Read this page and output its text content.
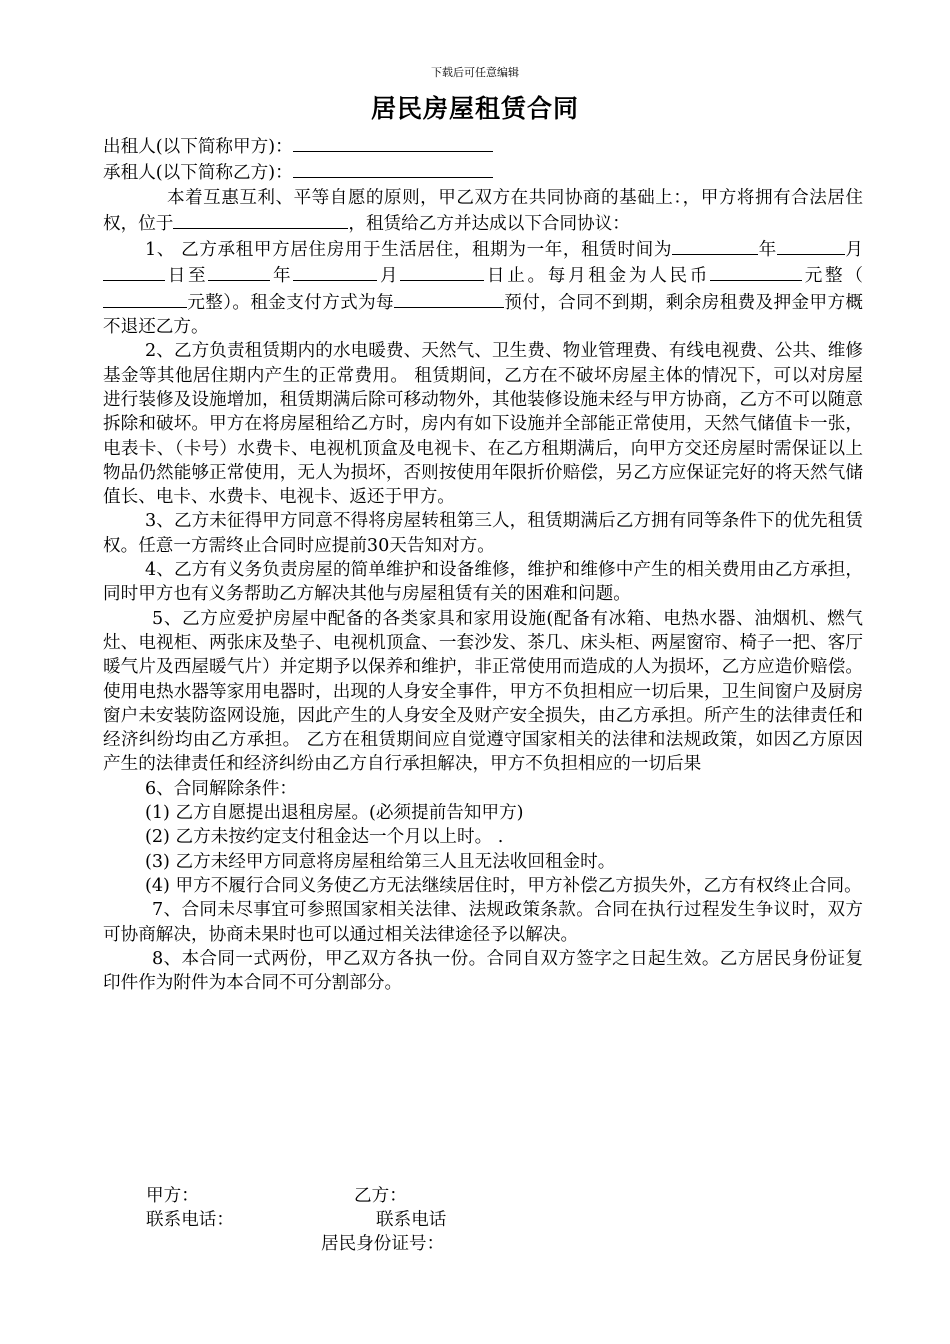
下载后可任意编辑
居民房屋租赁合同

出租人(以下简称甲方)：

承租人(以下简称乙方)：

本着互惠互利、平等自愿的原则，甲乙双方在共同协商的基础上：，甲方将拥有合法居住权，位于	，租赁给乙方并达成以下合同协议：

1、 乙方承租甲方居住房用于生活居住，租期为一年，租赁时间为	年	月日至	年	月	日止。每月租金为人民币	元整（元整）。租金支付方式为每	预付，合同不到期，剩余房租费及押金甲方概不退还乙方。

2、乙方负责租赁期内的水电暖费、天然气、卫生费、物业管理费、有线电视费、公共、维修基金等其他居住期内产生的正常费用。 租赁期间，乙方在不破坏房屋主体的情况下，可以对房屋进行装修及设施增加，租赁期满后除可移动物外，其他装修设施未经与甲方协商，乙方不可以随意拆除和破坏。甲方在将房屋租给乙方时，房内有如下设施并全部能正常使用，天然气储值卡一张，电表卡、（卡号）水费卡、电视机顶盒及电视卡、在乙方租期满后，向甲方交还房屋时需保证以上物品仍然能够正常使用，无人为损坏，否则按使用年限折价赔偿，另乙方应保证完好的将天然气储值长、电卡、水费卡、电视卡、返还于甲方。

3、乙方未征得甲方同意不得将房屋转租第三人，租赁期满后乙方拥有同等条件下的优先租赁权。任意一方需终止合同时应提前30天告知对方。

4、乙方有义务负责房屋的简单维护和设备维修，维护和维修中产生的相关费用由乙方承担，同时甲方也有义务帮助乙方解决其他与房屋租赁有关的困难和问题。

5、乙方应爱护房屋中配备的各类家具和家用设施(配备有冰箱、电热水器、油烟机、燃气灶、电视柜、两张床及垫子、电视机顶盒、一套沙发、茶几、床头柜、两屋窗帘、椅子一把、客厅暖气片及西屋暖气片）并定期予以保养和维护，非正常使用而造成的人为损坏，乙方应造价赔偿。使用电热水器等家用电器时，出现的人身安全事件，甲方不负担相应一切后果，卫生间窗户及厨房窗户未安装防盗网设施，因此产生的人身安全及财产安全损失，由乙方承担。所产生的法律责任和经济纠纷均由乙方承担。 乙方在租赁期间应自觉遵守国家相关的法律和法规政策，如因乙方原因产生的法律责任和经济纠纷由乙方自行承担解决，甲方不负担相应的一切后果

6、合同解除条件：

(1) 乙方自愿提出退租房屋。(必须提前告知甲方)

(2) 乙方未按约定支付租金达一个月以上时。 .

(3) 乙方未经甲方同意将房屋租给第三人且无法收回租金时。

(4) 甲方不履行合同义务使乙方无法继续居住时，甲方补偿乙方损失外，乙方有权终止合同。

7、合同未尽事宜可参照国家相关法律、法规政策条款。合同在执行过程发生争议时，双方可协商解决，协商未果时也可以通过相关法律途径予以解决。

8、本合同一式两份，甲乙双方各执一份。合同自双方签字之日起生效。乙方居民身份证复印件作为附件为本合同不可分割部分。

甲方：	乙方：
联系电话：	联系电话
居民身份证号：
